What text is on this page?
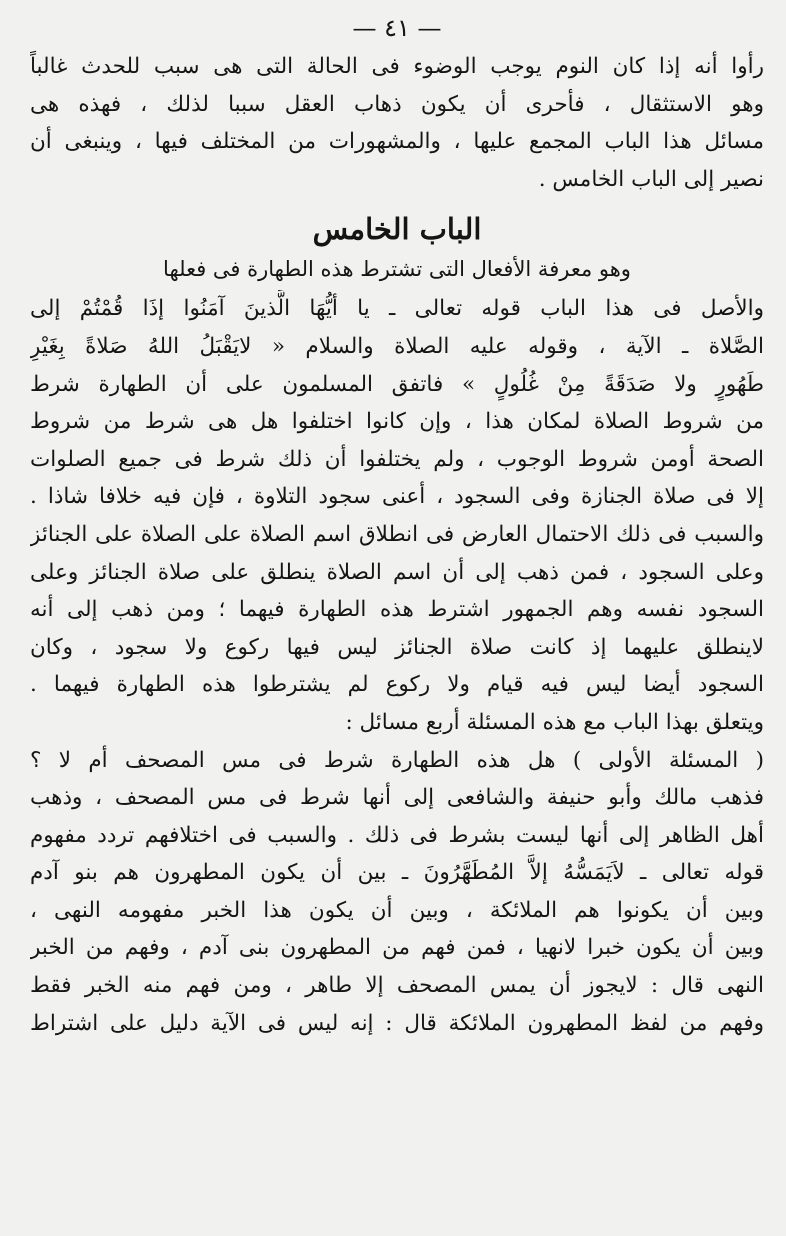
— ٤١ —
رأوا أنه إذا كان النوم يوجب الوضوء فى الحالة التى هى سبب للحدث غالباً
وهو الاستثقال ، فأحرى أن يكون ذهاب العقل سببا لذلك ، فهذه هى
مسائل هذا الباب المجمع عليها ، والمشهورات من المختلف فيها ، وينبغى أن
نصير إلى الباب الخامس .
الباب الخامس
وهو معرفة الأفعال التى تشترط هذه الطهارة فى فعلها
والأصل فى هذا الباب قوله تعالى ـ يا أيُّهَا الَّذينَ آمَنُوا إذَا قُمْتُمْ إلى
الصَّلاة ـ الآية ، وقوله عليه الصلاة والسلام « لايَقْبَلُ اللهُ صَلاةً بِغَيْرِ
طَهُورٍ ولا صَدَقَةً مِنْ غُلُولٍ » فاتفق المسلمون على أن الطهارة شرط
من شروط الصلاة لمكان هذا ، وإن كانوا اختلفوا هل هى شرط من شروط
الصحة أومن شروط الوجوب ، ولم يختلفوا أن ذلك شرط فى جميع الصلوات
إلا فى صلاة الجنازة وفى السجود ، أعنى سجود التلاوة ، فإن فيه خلافا شاذا .
والسبب فى ذلك الاحتمال العارض فى انطلاق اسم الصلاة على الصلاة على الجنائز
وعلى السجود ، فمن ذهب إلى أن اسم الصلاة ينطلق على صلاة الجنائز وعلى
السجود نفسه وهم الجمهور اشترط هذه الطهارة فيهما ؛ ومن ذهب إلى أنه
لاينطلق عليهما إذ كانت صلاة الجنائز ليس فيها ركوع ولا سجود ، وكان
السجود أيضا ليس فيه قيام ولا ركوع لم يشترطوا هذه الطهارة فيهما .
ويتعلق بهذا الباب مع هذه المسئلة أربع مسائل :
( المسئلة الأولى ) هل هذه الطهارة شرط فى مس المصحف أم لا ؟
فذهب مالك وأبو حنيفة والشافعى إلى أنها شرط فى مس المصحف ، وذهب
أهل الظاهر إلى أنها ليست بشرط فى ذلك . والسبب فى اختلافهم تردد مفهوم
قوله تعالى ـ لاَيَمَسُّهُ إلاَّ المُطَهَّرُونَ ـ بين أن يكون المطهرون هم بنو آدم
وبين أن يكونوا هم الملائكة ، وبين أن يكون هذا الخبر مفهومه النهى ،
وبين أن يكون خبرا لانهيا ، فمن فهم من المطهرون بنى آدم ، وفهم من الخبر
النهى قال : لايجوز أن يمس المصحف إلا طاهر ، ومن فهم منه الخبر فقط
وفهم من لفظ المطهرون الملائكة قال : إنه ليس فى الآية دليل على اشتراط
